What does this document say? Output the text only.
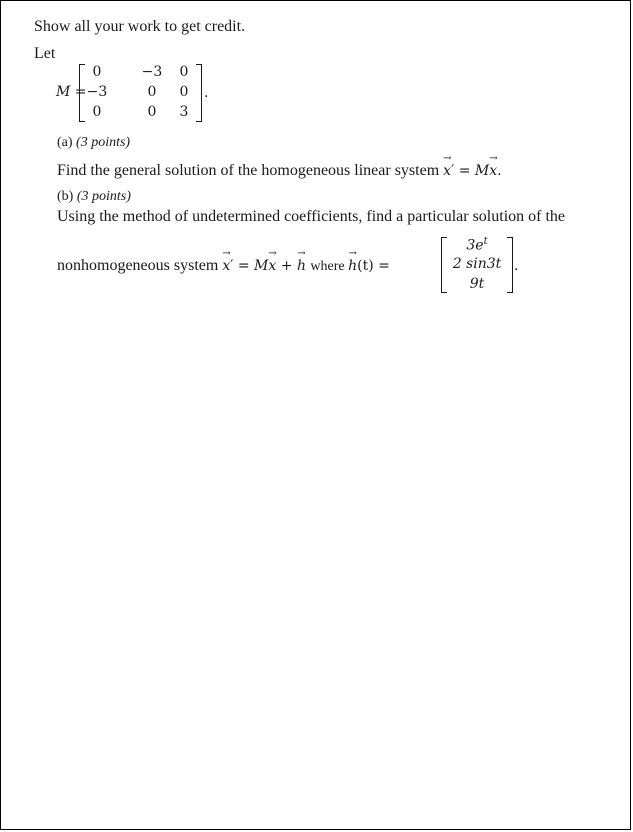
Show all your work to get credit.
Let
M =
0	−3	0
−3	0	0
0	0	3
.
(a) (3 points)
Find the general solution of the homogeneous linear system → x′ = M→ x.
(b) (3 points)
Using the method of undetermined coefficients, find a particular solution of the
nonhomogeneous system → x′ = M→ x + → h where → h(t) =
$3e^t$
2 sin3t
9t
.
